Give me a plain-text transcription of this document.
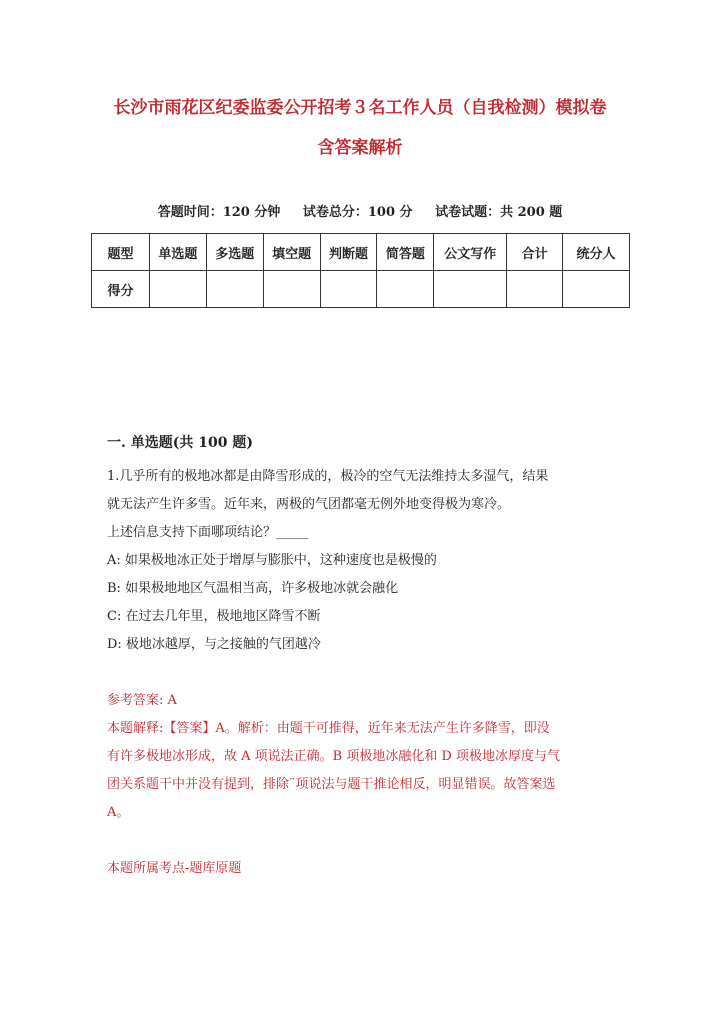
长沙市雨花区纪委监委公开招考３名工作人员（自我检测）模拟卷
含答案解析
答题时间：120 分钟 试卷总分：100 分 试卷试题：共 200 题
题型	单选题	多选题	填空题	判断题	简答题	公文写作	合计	统分人
得分								
一. 单选题(共 100 题)
1.几乎所有的极地冰都是由降雪形成的，极冷的空气无法维持太多湿气，结果
就无法产生许多雪。近年来，两极的气团都毫无例外地变得极为寒冷。
上述信息支持下面哪项结论？_____
A: 如果极地冰正处于增厚与膨胀中，这种速度也是极慢的
B: 如果极地地区气温相当高，许多极地冰就会融化
C: 在过去几年里，极地地区降雪不断
D: 极地冰越厚，与之接触的气团越冷
参考答案: A
本题解释:【答案】A。解析：由题干可推得，近年来无法产生许多降雪，即没
有许多极地冰形成，故 A 项说法正确。B 项极地冰融化和 D 项极地冰厚度与气
团关系题干中并没有提到，排除¨项说法与题干推论相反，明显错误。故答案选
A。
本题所属考点-题库原题
